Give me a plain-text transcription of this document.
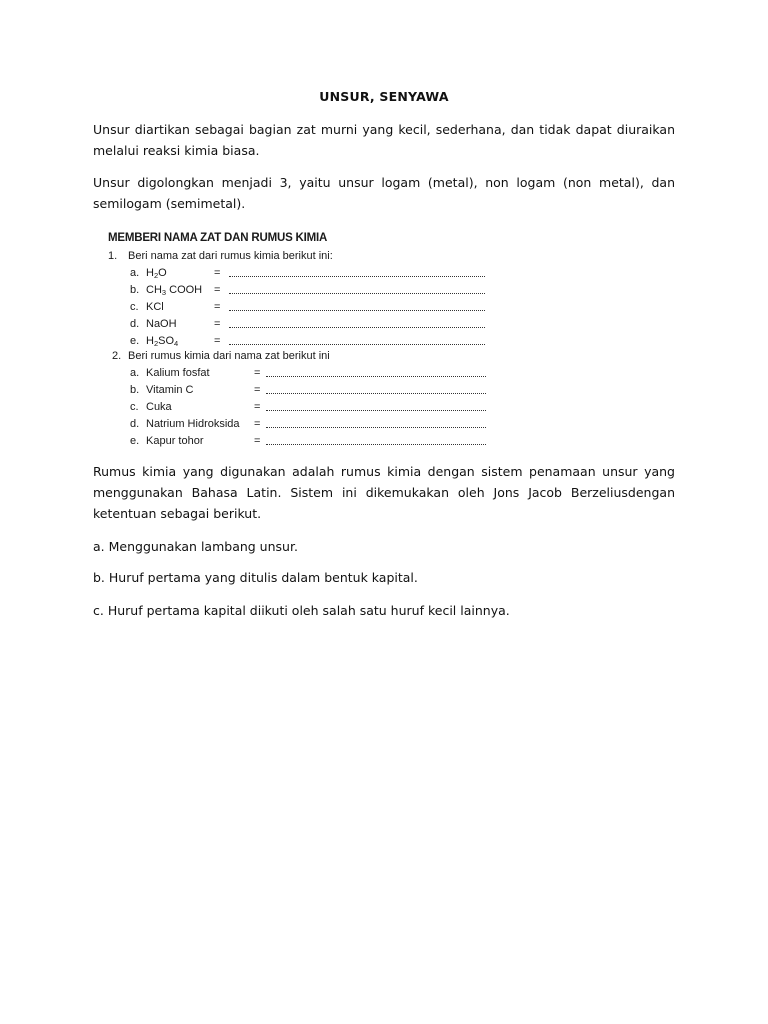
UNSUR, SENYAWA
Unsur diartikan sebagai bagian zat murni yang kecil, sederhana, dan tidak dapat diuraikan melalui reaksi kimia biasa.
Unsur digolongkan menjadi 3, yaitu unsur logam (metal), non logam (non metal), dan semilogam (semimetal).
MEMBERI NAMA ZAT DAN RUMUS KIMIA
1. Beri nama zat dari rumus kimia berikut ini:
a. $H_2O$	=
b. $CH_3$ COOH =
c. KCl	=
d. NaOH	=
e. $H_2SO_4$	=
2. Beri rumus kimia dari nama zat berikut ini
a. Kalium fosfat	=
b. Vitamin C	=
c. Cuka	=
d. Natrium Hidroksida =
e. Kapur tohor	=
Rumus kimia yang digunakan adalah rumus kimia dengan sistem penamaan unsur yang menggunakan Bahasa Latin. Sistem ini dikemukakan oleh Jons Jacob Berzeliusdengan ketentuan sebagai berikut.
a. Menggunakan lambang unsur.
b. Huruf pertama yang ditulis dalam bentuk kapital.
c. Huruf pertama kapital diikuti oleh salah satu huruf kecil lainnya.
